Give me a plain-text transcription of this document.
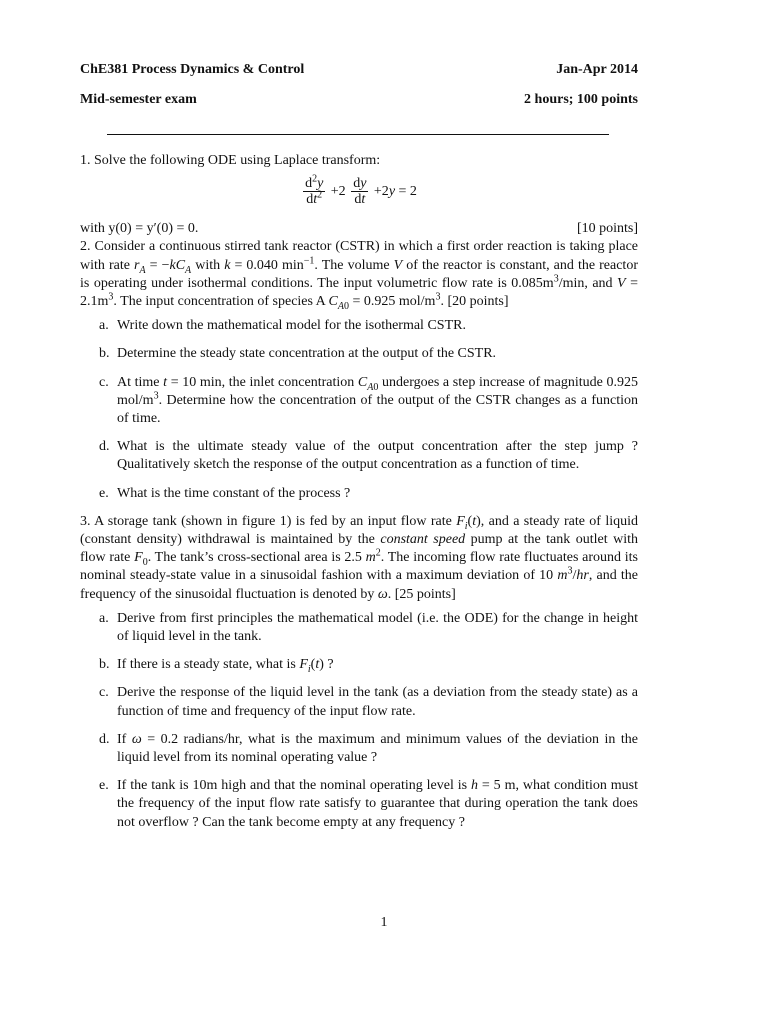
ChE381 Process Dynamics & Control	Jan-Apr 2014
Mid-semester exam	2 hours; 100 points

1. Solve the following ODE using Laplace transform:

$\frac{d^2y}{dt^2} +2 \frac{dy}{dt} +2y = 2$
with y(0) = y′(0) = 0.	[10 points]

2. Consider a continuous stirred tank reactor (CSTR) in which a first order reaction is taking place with rate $r_A = -kC_A$ with k = 0.040 $\min^{-1}$. The volume V of the reactor is constant, and the reactor is operating under isothermal conditions. The input volumetric flow rate is $0.085m^3/\min$, and $V = 2.1m^3$. The input concentration of species A $C_{A0} = 0.925$ mol/$m^3$. [20 points]

a. Write down the mathematical model for the isothermal CSTR.
b. Determine the steady state concentration at the output of the CSTR.
c. At time t = 10 min, the inlet concentration $C_{A0}$ undergoes a step increase of magnitude 0.925 mol/$m^3$. Determine how the concentration of the output of the CSTR changes as a function of time.
d. What is the ultimate steady value of the output concentration after the step jump ? Qualitatively sketch the response of the output concentration as a function of time.
e. What is the time constant of the process ?

3. A storage tank (shown in figure 1) is fed by an input flow rate $F_i(t)$, and a steady rate of liquid (constant density) withdrawal is maintained by the constant speed pump at the tank outlet with flow rate $F_0$. The tank’s cross-sectional area is 2.5 $m^2$. The incoming flow rate fluctuates around its nominal steady-state value in a sinusoidal fashion with a maximum deviation of 10 $m^3/hr$, and the frequency of the sinusoidal fluctuation is denoted by ω. [25 points]

a. Derive from first principles the mathematical model (i.e. the ODE) for the change in height of liquid level in the tank.
b. If there is a steady state, what is $F_i(t)$ ?
c. Derive the response of the liquid level in the tank (as a deviation from the steady state) as a function of time and frequency of the input flow rate.
d. If ω = 0.2 radians/hr, what is the maximum and minimum values of the deviation in the liquid level from its nominal operating value ?
e. If the tank is 10m high and that the nominal operating level is h = 5 m, what condition must the frequency of the input flow rate satisfy to guarantee that during operation the tank does not overflow ? Can the tank become empty at any frequency ?
1
